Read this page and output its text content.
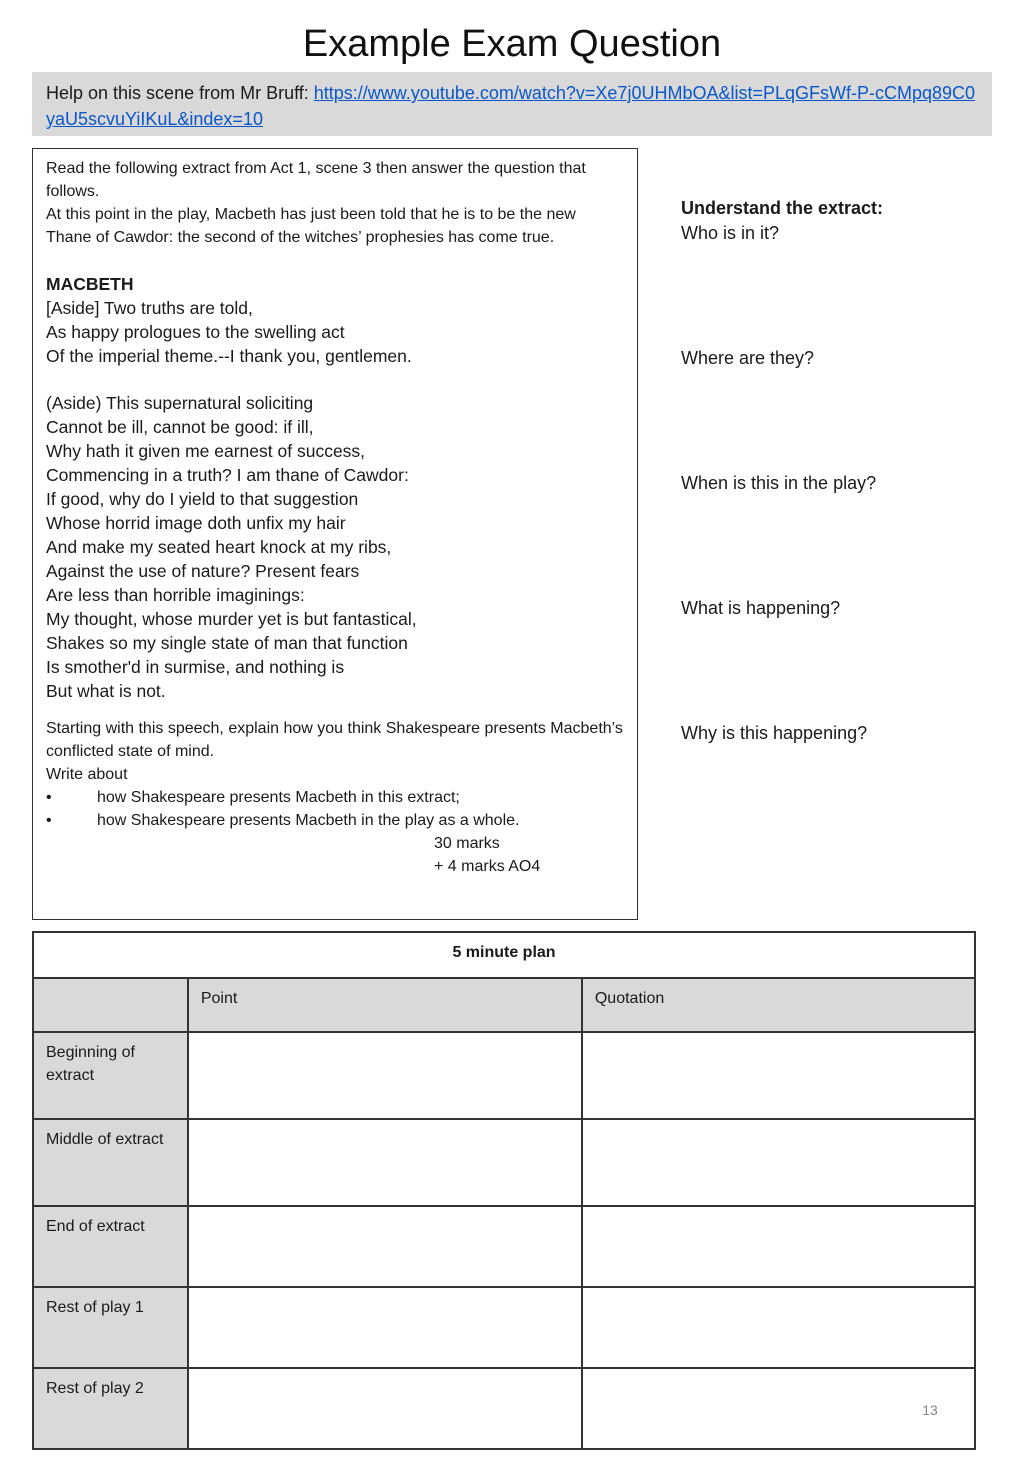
Example Exam Question
Help on this scene from Mr Bruff: https://www.youtube.com/watch?v=Xe7j0UHMbOA&list=PLqGFsWf-P-cCMpq89C0yaU5scvuYiIKuL&index=10

Read the following extract from Act 1, scene 3 then answer the question that follows.

At this point in the play, Macbeth has just been told that he is to be the new Thane of Cawdor: the second of the witches’ prophesies has come true.

MACBETH

[Aside] Two truths are told,

As happy prologues to the swelling act

Of the imperial theme.--I thank you, gentlemen.

(Aside) This supernatural soliciting

Cannot be ill, cannot be good: if ill,

Why hath it given me earnest of success,

Commencing in a truth? I am thane of Cawdor:

If good, why do I yield to that suggestion

Whose horrid image doth unfix my hair

And make my seated heart knock at my ribs,

Against the use of nature? Present fears

Are less than horrible imaginings:

My thought, whose murder yet is but fantastical,

Shakes so my single state of man that function

Is smother'd in surmise, and nothing is

But what is not.

Starting with this speech, explain how you think Shakespeare presents Macbeth’s conflicted state of mind.

Write about

•	how Shakespeare presents Macbeth in this extract;
•	how Shakespeare presents Macbeth in the play as a whole.
30 marks
+ 4 marks AO4
Understand the extract:
Who is in it?
Where are they?
When is this in the play?
What is happening?
Why is this happening?
5 minute plan		
	Point	Quotation
Beginning of extract		
Middle of extract		
End of extract		
Rest of play 1		
Rest of play 2		
13
